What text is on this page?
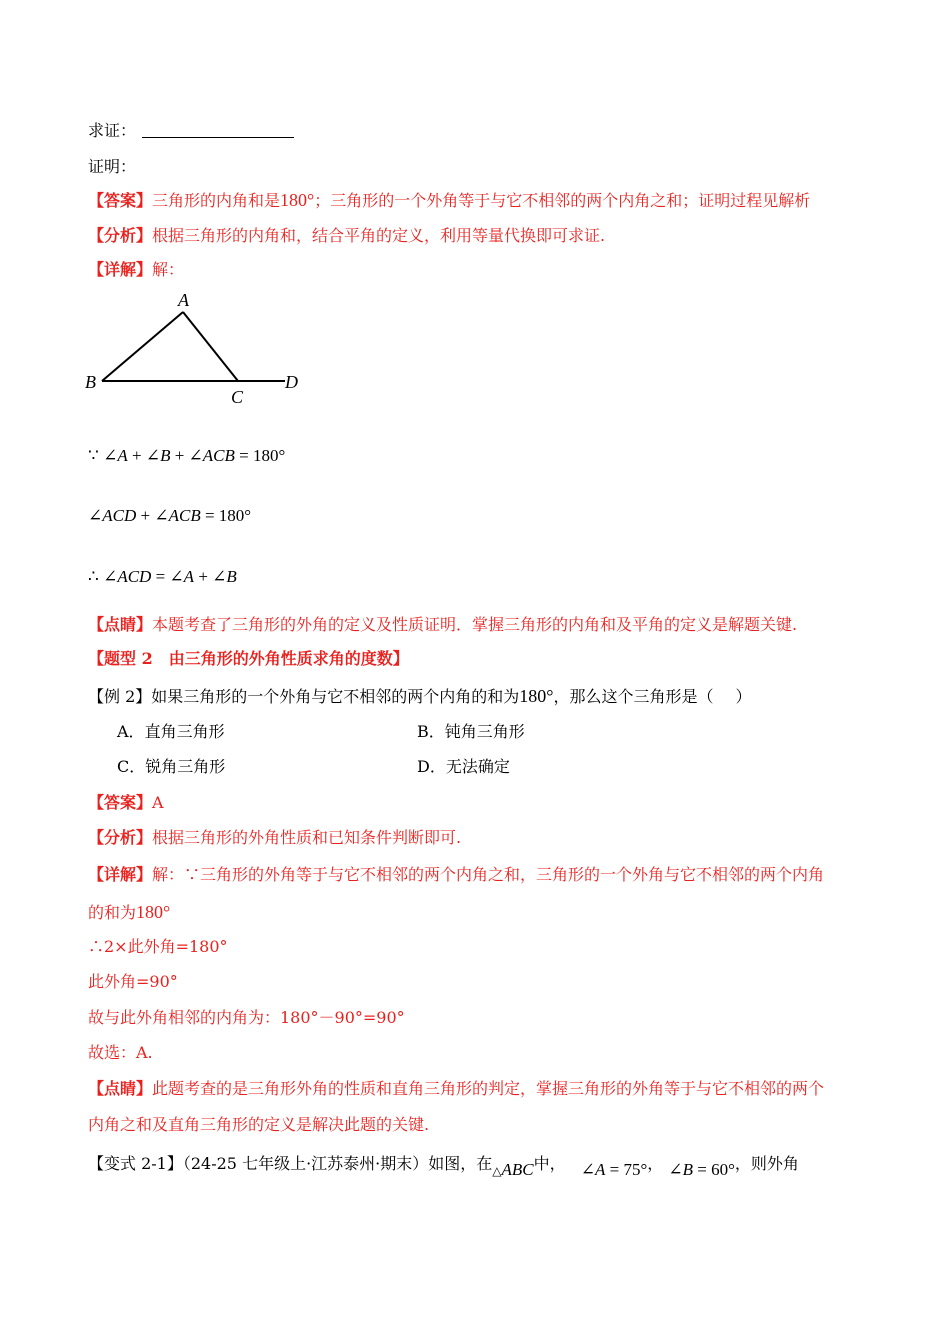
求证：
证明：
【答案】三角形的内角和是180°；三角形的一个外角等于与它不相邻的两个内角之和；证明过程见解析
【分析】根据三角形的内角和，结合平角的定义，利用等量代换即可求证.
【详解】解：
A
B
C
D
∵ ∠A + ∠B + ∠ACB = 180°
∠ACD + ∠ACB = 180°
∴ ∠ACD = ∠A + ∠B
【点睛】本题考查了三角形的外角的定义及性质证明．掌握三角形的内角和及平角的定义是解题关键.
【题型 2　由三角形的外角性质求角的度数】
【例 2】如果三角形的一个外角与它不相邻的两个内角的和为180°，那么这个三角形是（ ）
A．直角三角形	B．钝角三角形
C．锐角三角形	D．无法确定
【答案】A
【分析】根据三角形的外角性质和已知条件判断即可.
【详解】解：∵三角形的外角等于与它不相邻的两个内角之和，三角形的一个外角与它不相邻的两个内角
的和为180°
∴2×此外角=180°
此外角=90°
故与此外角相邻的内角为：180°－90°=90°
故选：A.
【点睛】此题考查的是三角形外角的性质和直角三角形的判定，掌握三角形的外角等于与它不相邻的两个
内角之和及直角三角形的定义是解决此题的关键.
【变式 2-1】（24-25 七年级上·江苏泰州·期末）如图，在$_\triangle$ABC中， ∠A = 75°， ∠B = 60°，则外角
